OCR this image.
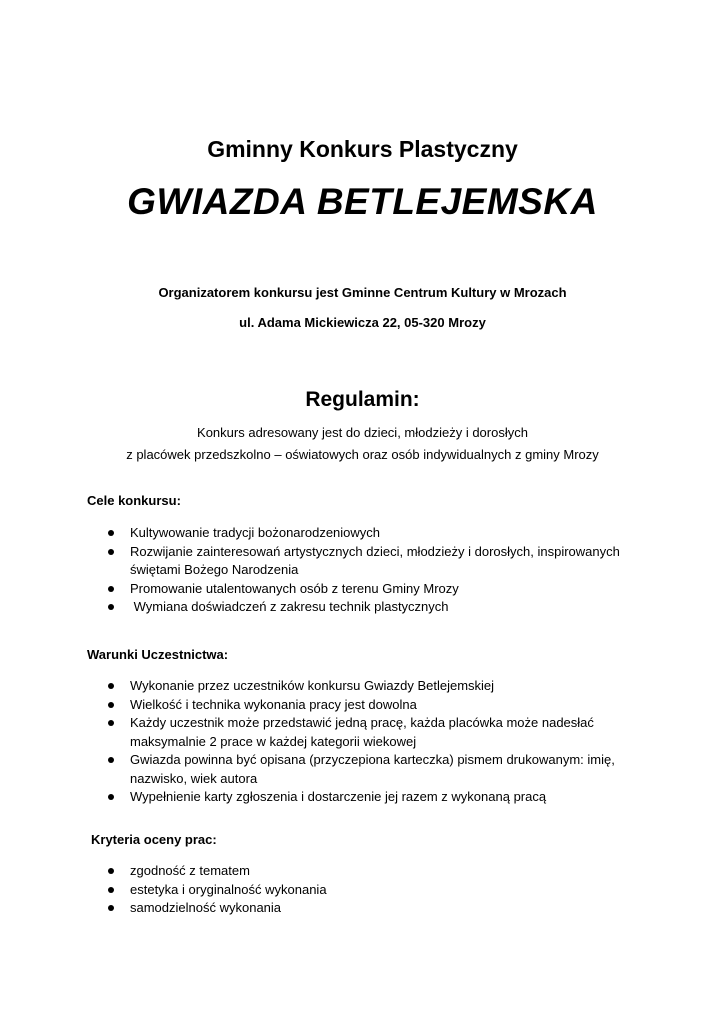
Gminny Konkurs Plastyczny
GWIAZDA BETLEJEMSKA
Organizatorem konkursu jest Gminne Centrum Kultury w Mrozach
ul. Adama Mickiewicza 22, 05-320 Mrozy
Regulamin:
Konkurs adresowany jest do dzieci, młodzieży i dorosłych
z placówek przedszkolno – oświatowych oraz osób indywidualnych z gminy Mrozy
Cele konkursu:
Kultywowanie tradycji bożonarodzeniowych
Rozwijanie zainteresowań artystycznych dzieci, młodzieży i dorosłych, inspirowanych świętami Bożego Narodzenia
Promowanie utalentowanych osób z terenu Gminy Mrozy
Wymiana doświadczeń z zakresu technik plastycznych
Warunki Uczestnictwa:
Wykonanie przez uczestników konkursu Gwiazdy Betlejemskiej
Wielkość i technika wykonania pracy jest dowolna
Każdy uczestnik może przedstawić jedną pracę, każda placówka może nadesłać maksymalnie 2 prace w każdej kategorii wiekowej
Gwiazda powinna być opisana (przyczepiona karteczka) pismem drukowanym: imię, nazwisko, wiek autora
Wypełnienie karty zgłoszenia i dostarczenie jej razem z wykonaną pracą
Kryteria oceny prac:
zgodność z tematem
estetyka i oryginalność wykonania
samodzielność wykonania
